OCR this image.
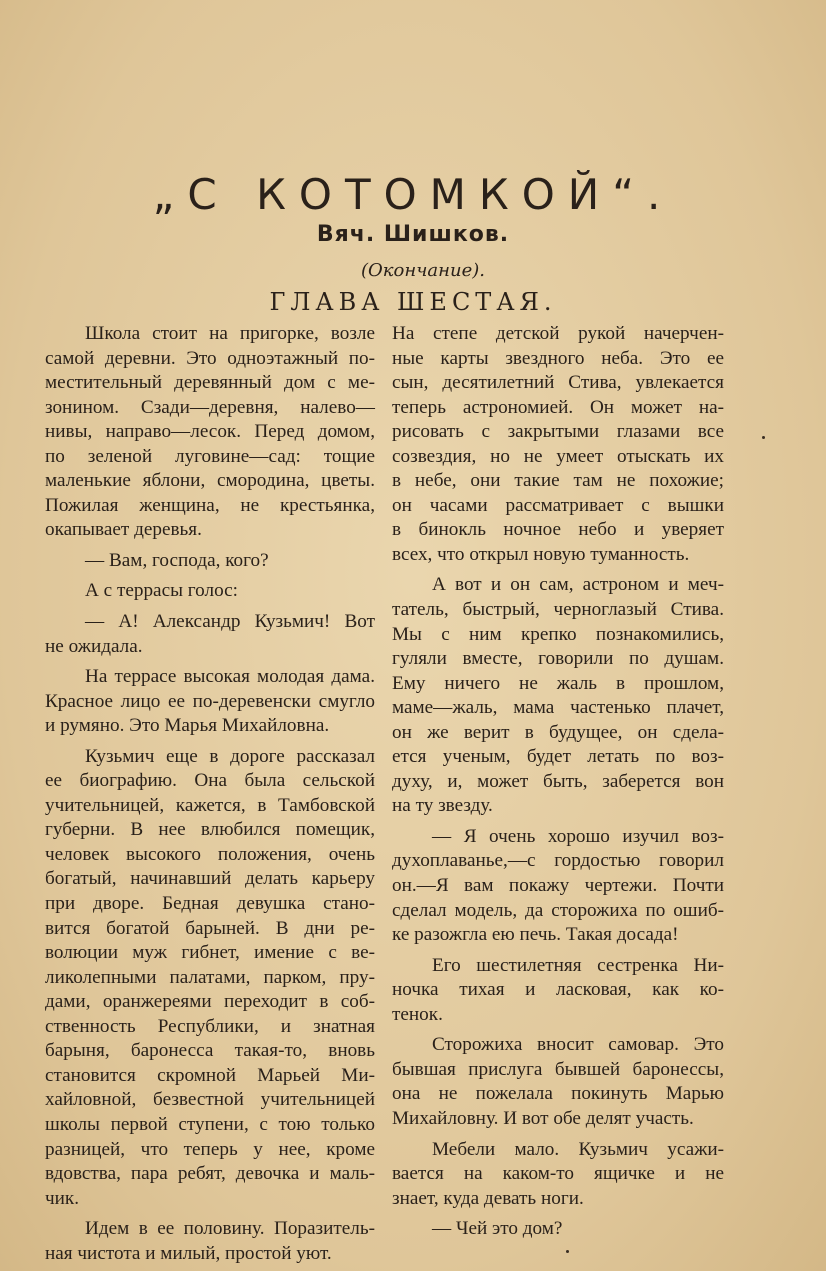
„С КОТОМКОЙ“.
Вяч. Шишков.
(Окончание).
ГЛАВА ШЕСТАЯ.
Школа стоит на пригорке, возле
самой деревни. Это одноэтажный по-
местительный деревянный дом с ме-
зонином. Сзади—деревня, налево—
нивы, направо—лесок. Перед домом,
по зеленой луговине—сад: тощие
маленькие яблони, смородина, цветы.
Пожилая женщина, не крестьянка,
окапывает деревья.
— Вам, господа, кого?
А с террасы голос:
— А! Александр Кузьмич! Вот
не ожидала.
На террасе высокая молодая дама.
Красное лицо ее по-деревенски смугло
и румяно. Это Марья Михайловна.
Кузьмич еще в дороге рассказал
ее биографию. Она была сельской
учительницей, кажется, в Тамбовской
губерни. В нее влюбился помещик,
человек высокого положения, очень
богатый, начинавший делать карьеру
при дворе. Бедная девушка стано-
вится богатой барыней. В дни ре-
волюции муж гибнет, имение с ве-
ликолепными палатами, парком, пру-
дами, оранжереями переходит в соб-
ственность Республики, и знатная
барыня, баронесса такая-то, вновь
становится скромной Марьей Ми-
хайловной, безвестной учительницей
школы первой ступени, с тою только
разницей, что теперь у нее, кроме
вдовства, пара ребят, девочка и маль-
чик.
Идем в ее половину. Поразитель-
ная чистота и милый, простой уют.
На степе детской рукой начерчен-
ные карты звездного неба. Это ее
сын, десятилетний Стива, увлекается
теперь астрономией. Он может на-
рисовать с закрытыми глазами все
созвездия, но не умеет отыскать их
в небе, они такие там не похожие;
он часами рассматривает с вышки
в бинокль ночное небо и уверяет
всех, что открыл новую туманность.
А вот и он сам, астроном и меч-
татель, быстрый, черноглазый Стива.
Мы с ним крепко познакомились,
гуляли вместе, говорили по душам.
Ему ничего не жаль в прошлом,
маме—жаль, мама частенько плачет,
он же верит в будущее, он сдела-
ется ученым, будет летать по воз-
духу, и, может быть, заберется вон
на ту звезду.
— Я очень хорошо изучил воз-
духоплаванье,—с гордостью говорил
он.—Я вам покажу чертежи. Почти
сделал модель, да сторожиха по ошиб-
ке разожгла ею печь. Такая досада!
Его шестилетняя сестренка Ни-
ночка тихая и ласковая, как ко-
тенок.
Сторожиха вносит самовар. Это
бывшая прислуга бывшей баронессы,
она не пожелала покинуть Марью
Михайловну. И вот обе делят участь.
Мебели мало. Кузьмич усажи-
вается на каком-то ящичке и не
знает, куда девать ноги.
— Чей это дом?
